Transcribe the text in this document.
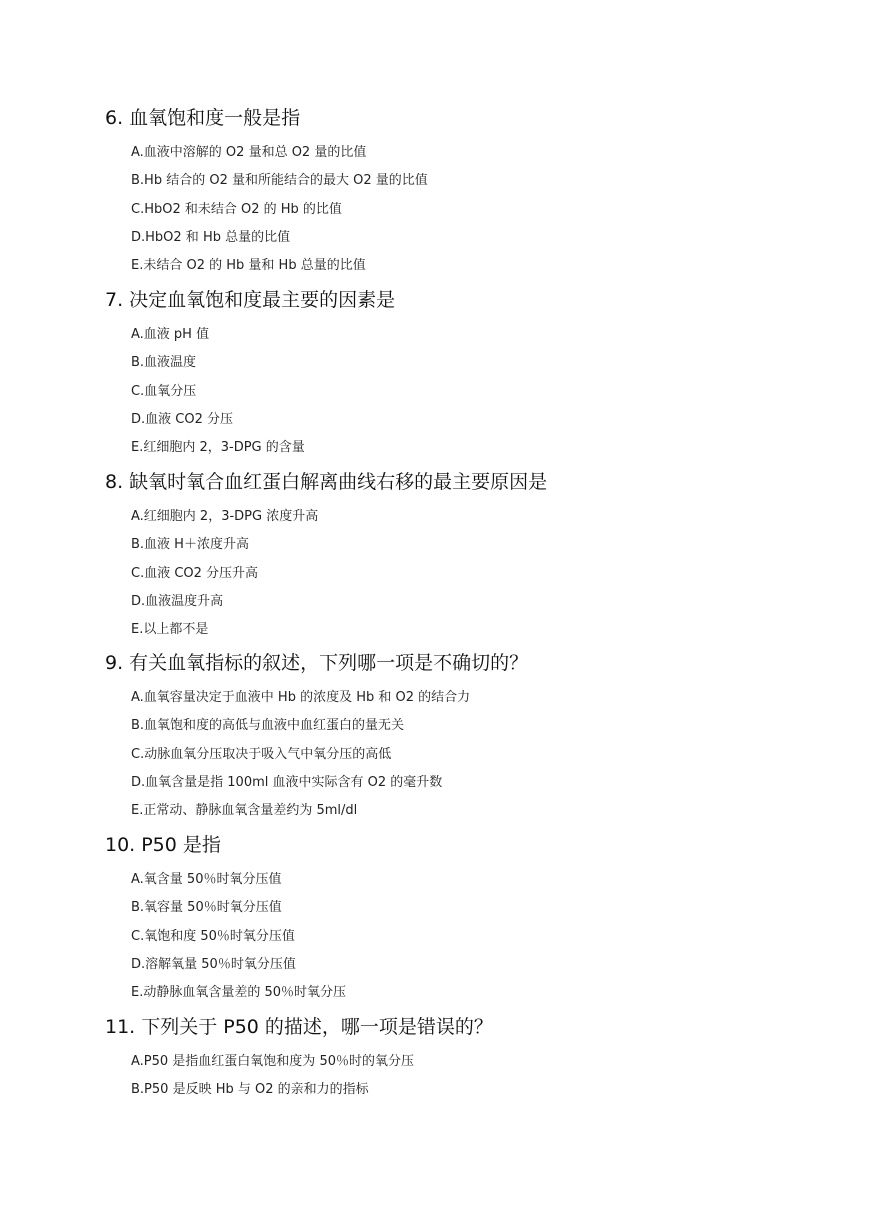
6. 血氧饱和度一般是指
A.血液中溶解的 O2 量和总 O2 量的比值
B.Hb 结合的 O2 量和所能结合的最大 O2 量的比值
C.HbO2 和未结合 O2 的 Hb 的比值
D.HbO2 和 Hb 总量的比值
E.未结合 O2 的 Hb 量和 Hb 总量的比值
7. 决定血氧饱和度最主要的因素是
A.血液 pH 值
B.血液温度
C.血氧分压
D.血液 CO2 分压
E.红细胞内 2，3-DPG 的含量
8. 缺氧时氧合血红蛋白解离曲线右移的最主要原因是
A.红细胞内 2，3-DPG 浓度升高
B.血液 H＋浓度升高
C.血液 CO2 分压升高
D.血液温度升高
E.以上都不是
9. 有关血氧指标的叙述，下列哪一项是不确切的？
A.血氧容量决定于血液中 Hb 的浓度及 Hb 和 O2 的结合力
B.血氧饱和度的高低与血液中血红蛋白的量无关
C.动脉血氧分压取决于吸入气中氧分压的高低
D.血氧含量是指 100ml 血液中实际含有 O2 的毫升数
E.正常动、静脉血氧含量差约为 5ml/dl
10. P50 是指
A.氧含量 50％时氧分压值
B.氧容量 50％时氧分压值
C.氧饱和度 50％时氧分压值
D.溶解氧量 50％时氧分压值
E.动静脉血氧含量差的 50％时氧分压
11. 下列关于 P50 的描述，哪一项是错误的？
A.P50 是指血红蛋白氧饱和度为 50％时的氧分压
B.P50 是反映 Hb 与 O2 的亲和力的指标
